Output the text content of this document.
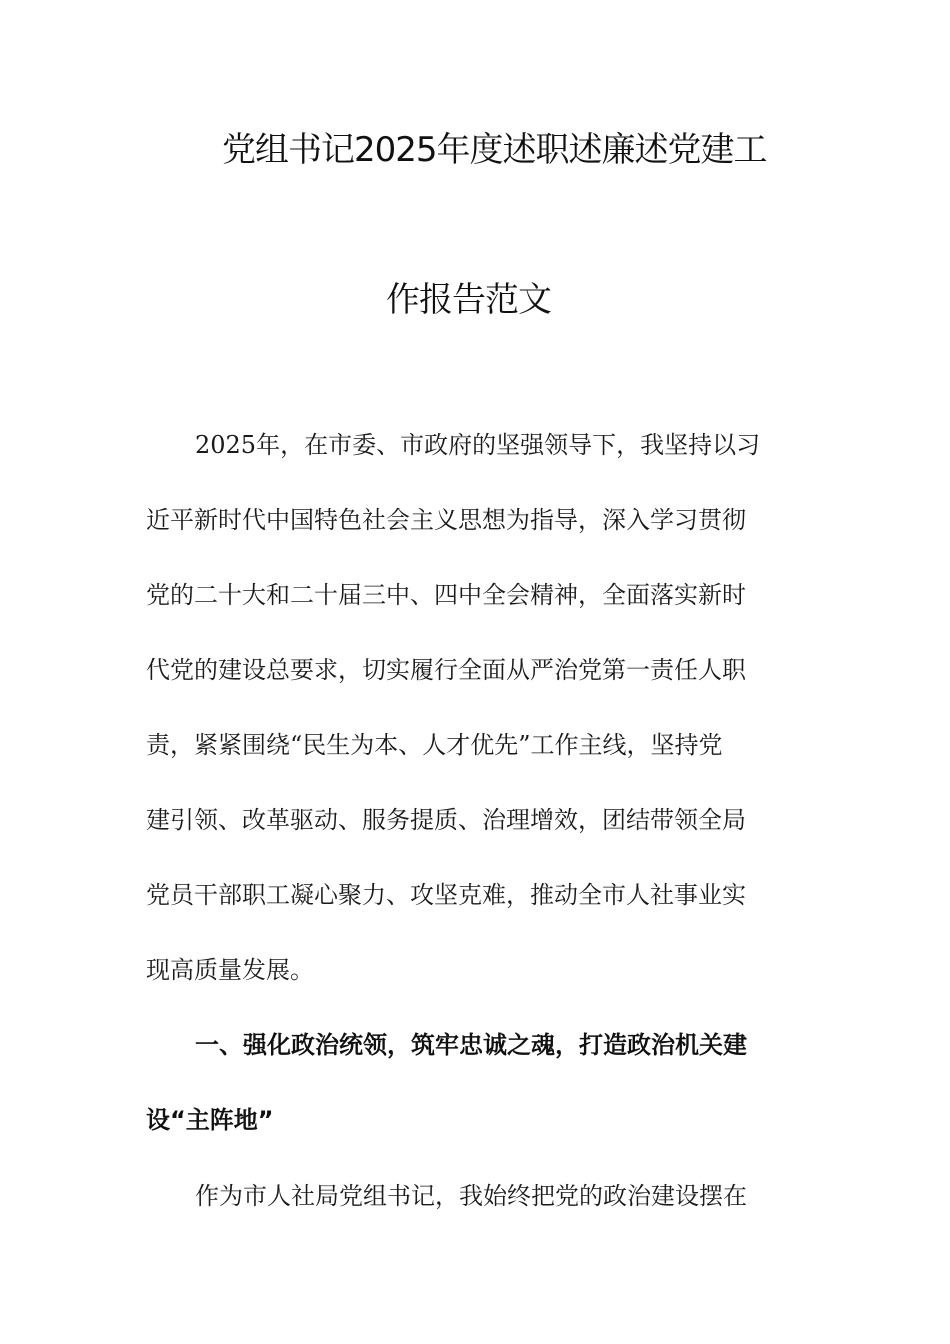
党组书记2025年度述职述廉述党建工
作报告范文
2025年，在市委、市政府的坚强领导下，我坚持以习
近平新时代中国特色社会主义思想为指导，深入学习贯彻
党的二十大和二十届三中、四中全会精神，全面落实新时
代党的建设总要求，切实履行全面从严治党第一责任人职
责，紧紧围绕“民生为本、人才优先”工作主线，坚持党
建引领、改革驱动、服务提质、治理增效，团结带领全局
党员干部职工凝心聚力、攻坚克难，推动全市人社事业实
现高质量发展。
一、强化政治统领，筑牢忠诚之魂，打造政治机关建
设“主阵地”
作为市人社局党组书记，我始终把党的政治建设摆在
